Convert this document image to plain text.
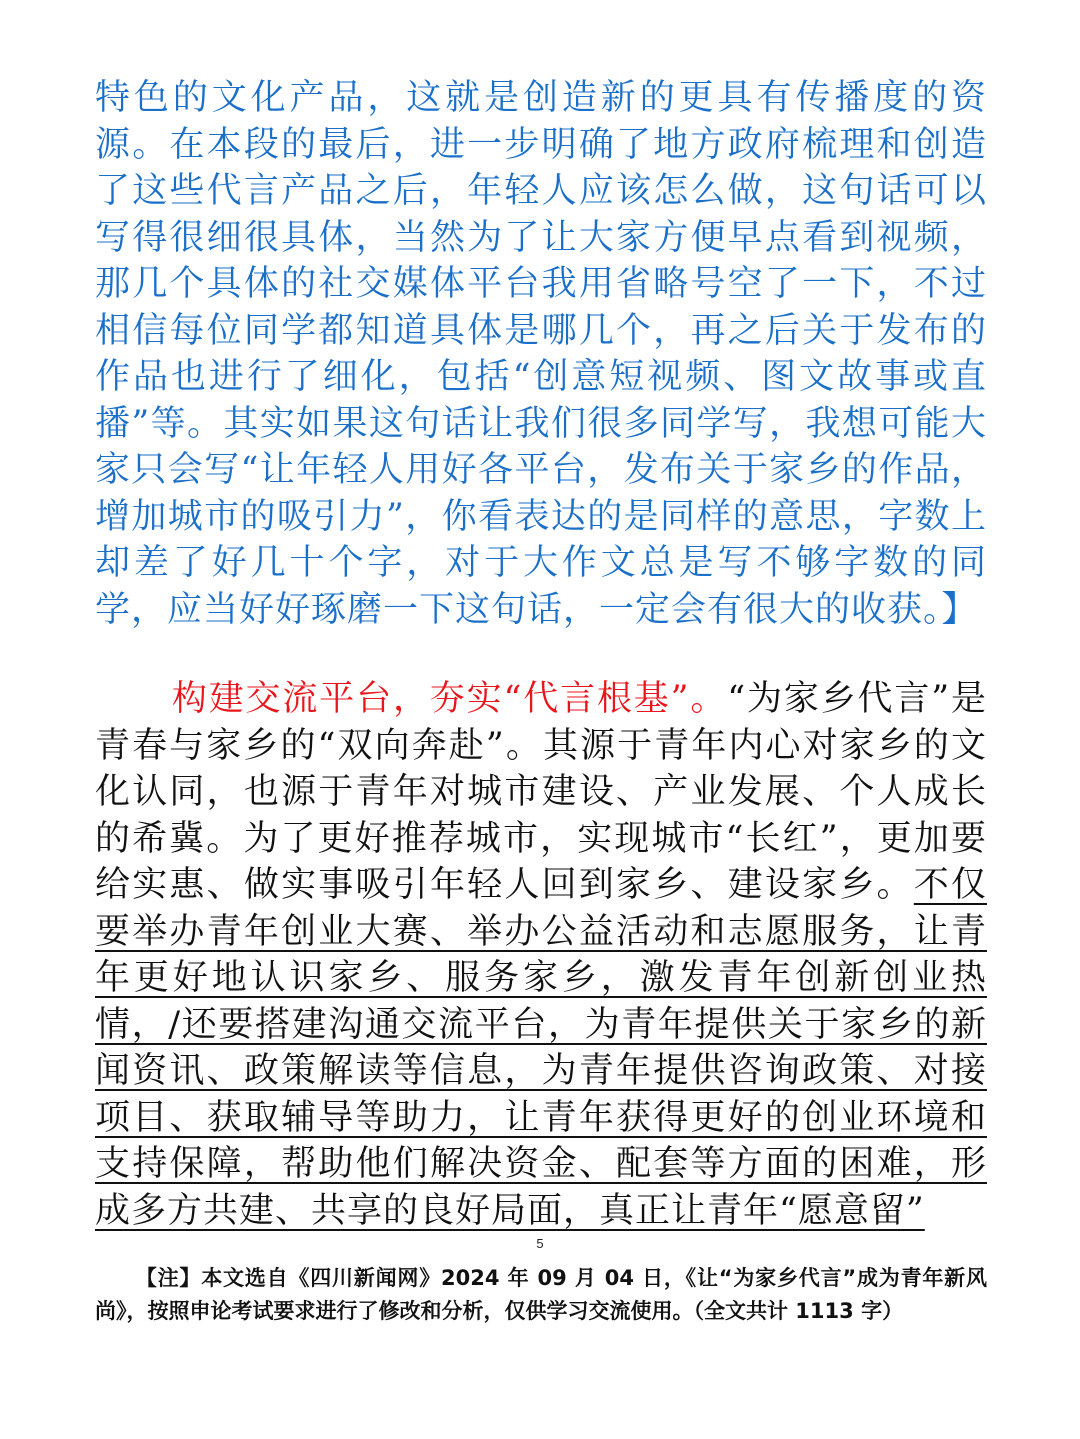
特色的文化产品，这就是创造新的更具有传播度的资源。在本段的最后，进一步明确了地方政府梳理和创造了这些代言产品之后，年轻人应该怎么做，这句话可以写得很细很具体，当然为了让大家方便早点看到视频，那几个具体的社交媒体平台我用省略号空了一下，不过相信每位同学都知道具体是哪几个，再之后关于发布的作品也进行了细化，包括“创意短视频、图文故事或直播”等。其实如果这句话让我们很多同学写，我想可能大家只会写“让年轻人用好各平台，发布关于家乡的作品，增加城市的吸引力”，你看表达的是同样的意思，字数上却差了好几十个字，对于大作文总是写不够字数的同学，应当好好琢磨一下这句话，一定会有很大的收获。】
构建交流平台，夯实“代言根基”。“为家乡代言”是青春与家乡的“双向奔赴”。其源于青年内心对家乡的文化认同，也源于青年对城市建设、产业发展、个人成长的希冀。为了更好推荐城市，实现城市“长红”，更加要给实惠、做实事吸引年轻人回到家乡、建设家乡。不仅要举办青年创业大赛、举办公益活动和志愿服务，让青年更好地认识家乡、服务家乡，激发青年创新创业热情，/还要搭建沟通交流平台，为青年提供关于家乡的新闻资讯、政策解读等信息，为青年提供咨询政策、对接项目、获取辅导等助力，让青年获得更好的创业环境和支持保障，帮助他们解决资金、配套等方面的困难，形成多方共建、共享的良好局面，真正让青年“愿意留”
5
【注】本文选自《四川新闻网》2024 年 09 月 04 日，《让“为家乡代言”成为青年新风尚》，按照申论考试要求进行了修改和分析，仅供学习交流使用。（全文共计 1113 字）
